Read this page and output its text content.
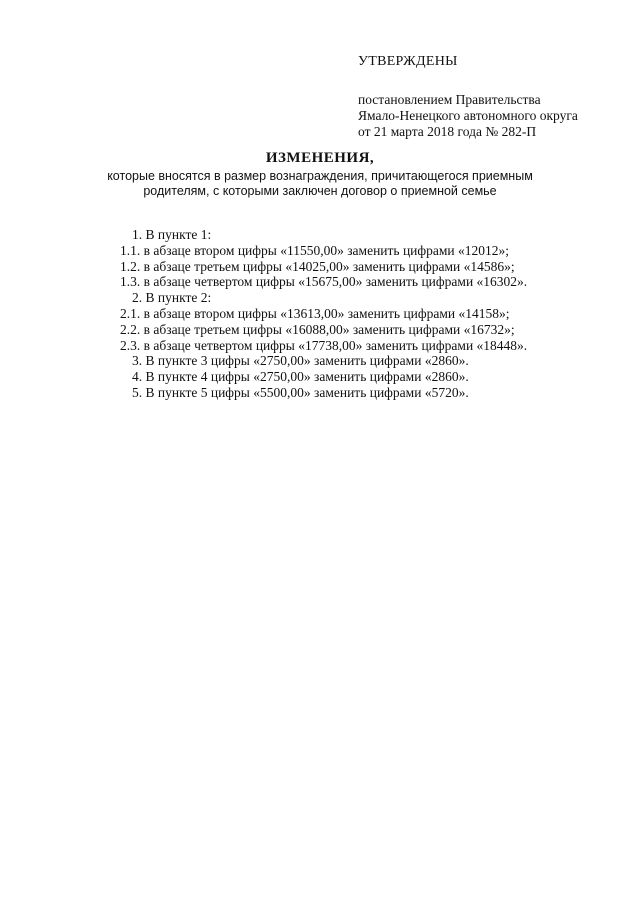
УТВЕРЖДЕНЫ

постановлением Правительства

Ямало-Ненецкого автономного округа

от 21 марта 2018 года № 282-П

ИЗМЕНЕНИЯ,

которые вносятся в размер вознаграждения, причитающегося приемным

родителям, с которыми заключен договор о приемной семье

1. В пункте 1:

1.1. в абзаце втором цифры «11550,00» заменить цифрами «12012»;

1.2. в абзаце третьем цифры «14025,00» заменить цифрами «14586»;

1.3. в абзаце четвертом цифры «15675,00» заменить цифрами «16302».

2. В пункте 2:

2.1. в абзаце втором цифры «13613,00» заменить цифрами «14158»;

2.2. в абзаце третьем цифры «16088,00» заменить цифрами «16732»;

2.3. в абзаце четвертом цифры «17738,00» заменить цифрами «18448».

3. В пункте 3 цифры «2750,00» заменить цифрами «2860».

4. В пункте 4 цифры «2750,00» заменить цифрами «2860».

5. В пункте 5 цифры «5500,00» заменить цифрами «5720».
